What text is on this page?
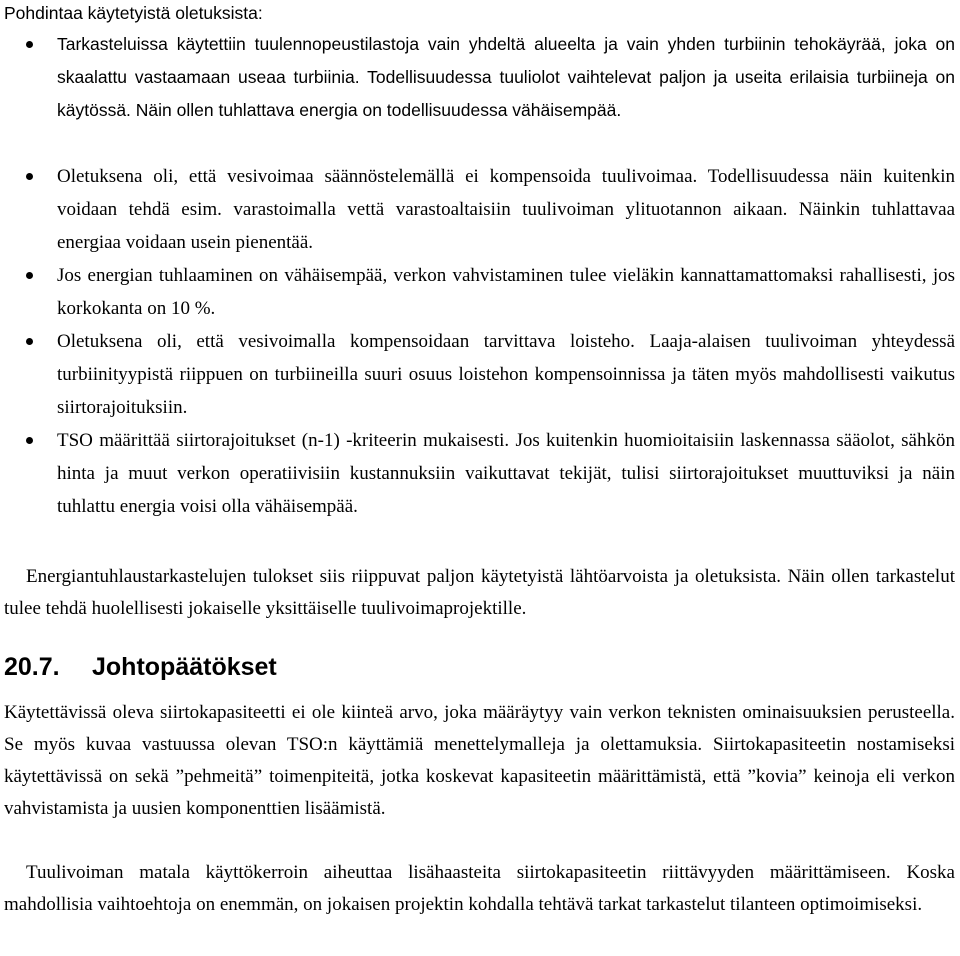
Pohdintaa käytetyistä oletuksista:

Tarkasteluissa käytettiin tuulennopeustilastoja vain yhdeltä alueelta ja vain yhden turbiinin tehokäyrää, joka on skaalattu vastaamaan useaa turbiinia. Todellisuudessa tuuliolot vaihtelevat paljon ja useita erilaisia turbiineja on käytössä. Näin ollen tuhlattava energia on todellisuudessa vähäisempää.
Oletuksena oli, että vesivoimaa säännöstelemällä ei kompensoida tuulivoimaa. Todellisuudessa näin kuitenkin voidaan tehdä esim. varastoimalla vettä varastoaltaisiin tuulivoiman ylituotannon aikaan. Näinkin tuhlattavaa energiaa voidaan usein pienentää.
Jos energian tuhlaaminen on vähäisempää, verkon vahvistaminen tulee vieläkin kannattamattomaksi rahallisesti, jos korkokanta on 10 %.
Oletuksena oli, että vesivoimalla kompensoidaan tarvittava loisteho. Laaja-alaisen tuulivoiman yhteydessä turbiinityypistä riippuen on turbiineilla suuri osuus loistehon kompensoinnissa ja täten myös mahdollisesti vaikutus siirtorajoituksiin.
TSO määrittää siirtorajoitukset (n-1) -kriteerin mukaisesti. Jos kuitenkin huomioitaisiin laskennassa sääolot, sähkön hinta ja muut verkon operatiivisiin kustannuksiin vaikuttavat tekijät, tulisi siirtorajoitukset muuttuviksi ja näin tuhlattu energia voisi olla vähäisempää.

Energiantuhlaustarkastelujen tulokset siis riippuvat paljon käytetyistä lähtöarvoista ja oletuksista. Näin ollen tarkastelut tulee tehdä huolellisesti jokaiselle yksittäiselle tuulivoimaprojektille.

20.7. Johtopäätökset

Käytettävissä oleva siirtokapasiteetti ei ole kiinteä arvo, joka määräytyy vain verkon teknisten ominaisuuksien perusteella. Se myös kuvaa vastuussa olevan TSO:n käyttämiä menettelymalleja ja olettamuksia. Siirtokapasiteetin nostamiseksi käytettävissä on sekä ”pehmeitä” toimenpiteitä, jotka koskevat kapasiteetin määrittämistä, että ”kovia” keinoja eli verkon vahvistamista ja uusien komponenttien lisäämistä.

Tuulivoiman matala käyttökerroin aiheuttaa lisähaasteita siirtokapasiteetin riittävyyden määrittämiseen. Koska mahdollisia vaihtoehtoja on enemmän, on jokaisen projektin kohdalla tehtävä tarkat tarkastelut tilanteen optimoimiseksi.
